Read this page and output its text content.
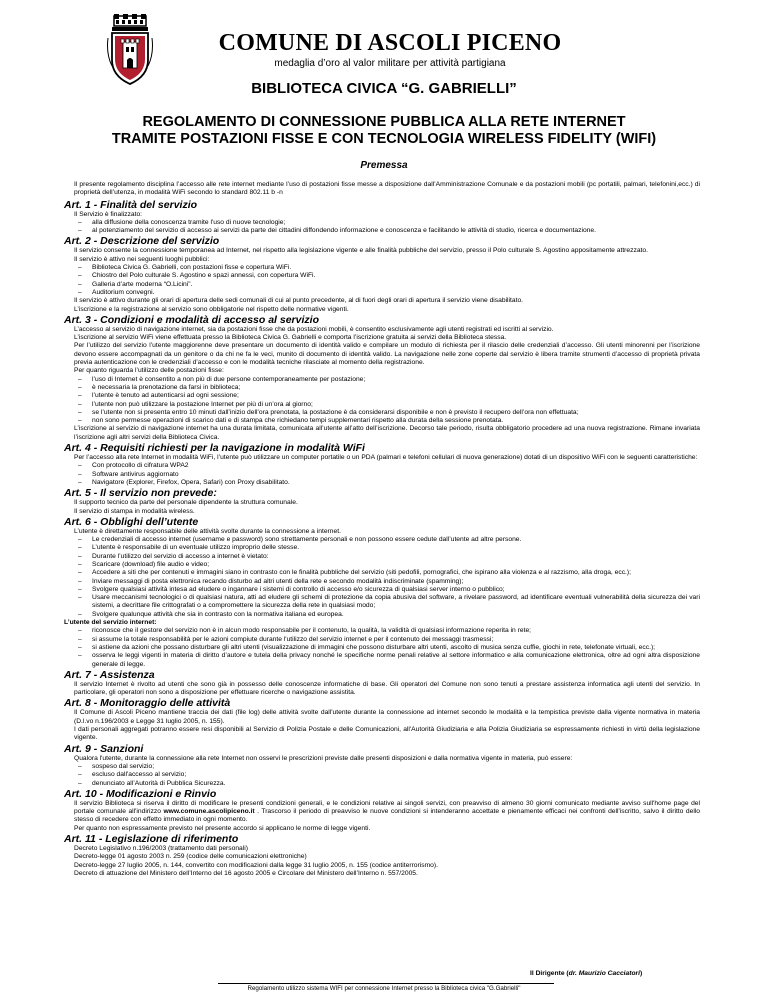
COMUNE DI ASCOLI PICENO
medaglia d’oro al valor militare per attività partigiana
BIBLIOTECA CIVICA “G. GABRIELLI”
REGOLAMENTO DI CONNESSIONE PUBBLICA ALLA RETE INTERNET
TRAMITE POSTAZIONI FISSE E CON TECNOLOGIA WIRELESS FIDELITY (WIFI)
Premessa

Il presente regolamento disciplina l’accesso alle rete internet mediante l’uso di postazioni fisse messe a disposizione dall’Amministrazione Comunale e da postazioni mobili (pc portatili, palmari, telefonini,ecc.) di proprietà dell’utenza, in modalità WiFi secondo lo standard 802.11 b -n

Art. 1 - Finalità del servizio

Il Servizio è finalizzato:

– alla diffusione della conoscenza tramite l'uso di nuove tecnologie;
– al potenziamento del servizio di accesso ai servizi da parte dei cittadini diffondendo informazione e conoscenza e facilitando le attività di studio, ricerca e documentazione.
Art. 2 - Descrizione del servizio

Il servizio consente la connessione temporanea ad Internet, nel rispetto alla legislazione vigente e alle finalità pubbliche del servizio, presso il Polo culturale S. Agostino appositamente attrezzato.

Il servizio è attivo nei seguenti luoghi pubblici:

– Biblioteca Civica G. Gabrielli, con postazioni fisse e copertura WiFi.
– Chiostro del Polo culturale S. Agostino e spazi annessi, con copertura WiFi.
– Galleria d’arte moderna “O.Licini”.
– Auditorium convegni.

Il servizio è attivo durante gli orari di apertura delle sedi comunali di cui al punto precedente, al di fuori degli orari di apertura il servizio viene disabilitato.

L’iscrizione e la registrazione al servizio sono obbligatorie nel rispetto delle normative vigenti.

Art. 3 - Condizioni e modalità di accesso al servizio

L’accesso al servizio di navigazione internet, sia da postazioni fisse che da postazioni mobili, è consentito esclusivamente agli utenti registrati ed iscritti al servizio.

L’iscrizione al servizio WiFi viene effettuata presso la Biblioteca Civica G. Gabrielli e comporta l’iscrizione gratuita ai servizi della Biblioteca stessa.

Per l’utilizzo del servizio l’utente maggiorenne deve presentare un documento di identità valido e compilare un modulo di richiesta per il rilascio delle credenziali d’accesso. Gli utenti minorenni per l’iscrizione devono essere accompagnati da un genitore o da chi ne fa le veci, munito di documento di identità valido. La navigazione nelle zone coperte dal servizio è libera tramite strumenti d’accesso di proprietà privata previa autenticazione con le credenziali d’accesso e con le modalità tecniche rilasciate al momento della registrazione.

Per quanto riguarda l’utilizzo delle postazioni fisse:

– l’uso di Internet è consentito a non più di due persone contemporaneamente per postazione;
– è necessaria la prenotazione da farsi in biblioteca;
– l’utente è tenuto ad autenticarsi ad ogni sessione;
– l’utente non può utilizzare la postazione Internet per più di un’ora al giorno;
– se l’utente non si presenta entro 10 minuti dall’inizio dell’ora prenotata, la postazione è da considerarsi disponibile e non è previsto il recupero dell’ora non effettuata;
– non sono permesse operazioni di scarico dati e di stampa che richiedano tempi supplementari rispetto alla durata della sessione prenotata.

L’iscrizione al servizio di navigazione internet ha una durata limitata, comunicata all’utente all’atto dell’iscrizione. Decorso tale periodo, risulta obbligatorio procedere ad una nuova registrazione. Rimane invariata l’iscrizione agli altri servizi della Biblioteca Civica.

Art. 4 - Requisiti richiesti per la navigazione in modalità WiFi

Per l’accesso alla rete Internet in modalità WiFi, l’utente può utilizzare un computer portatile o un PDA (palmari e telefoni cellulari di nuova generazione) dotati di un dispositivo WiFi con le seguenti caratteristiche:

– Con protocollo di cifratura WPA2
– Software antivirus aggiornato
– Navigatore (Explorer, Firefox, Opera, Safari) con Proxy disabilitato.
Art. 5 - Il servizio non prevede:

Il supporto tecnico da parte del personale dipendente la struttura comunale.

Il servizio di stampa in modalità wireless.

Art. 6 - Obblighi dell’utente

L’utente è direttamente responsabile delle attività svolte durante la connessione a internet.

– Le credenziali di accesso internet (username e password) sono strettamente personali e non possono essere cedute dall’utente ad altre persone.
– L’utente è responsabile di un eventuale utilizzo improprio delle stesse.
– Durante l’utilizzo del servizio di accesso a internet è vietato:
– Scaricare (download) file audio e video;
– Accedere a siti che per contenuti e immagini siano in contrasto con le finalità pubbliche del servizio (siti pedofili, pornografici, che ispirano alla violenza e al razzismo, alla droga, ecc.);
– Inviare messaggi di posta elettronica recando disturbo ad altri utenti della rete e secondo modalità indiscriminate (spamming);
– Svolgere qualsiasi attività intesa ad eludere o ingannare i sistemi di controllo di accesso e/o sicurezza di qualsiasi server interno o pubblico;
– Usare meccanismi tecnologici o di qualsiasi natura, atti ad eludere gli schemi di protezione da copia abusiva del software, a rivelare password, ad identificare eventuali vulnerabilità della sicurezza dei vari sistemi, a decrittare file crittografati o a compromettere la sicurezza della rete in qualsiasi modo;
– Svolgere qualunque attività che sia in contrasto con la normativa italiana ed europea.

L’utente del servizio internet:

– riconosce che il gestore del servizio non è in alcun modo responsabile per il contenuto, la qualità, la validità di qualsiasi informazione reperita in rete;
– si assume la totale responsabilità per le azioni compiute durante l'utilizzo del servizio internet e per il contenuto dei messaggi trasmessi;
– si astiene da azioni che possano disturbare gli altri utenti (visualizzazione di immagini che possono disturbare altri utenti, ascolto di musica senza cuffie, giochi in rete, telefonate virtuali, ecc.);
– osserva le leggi vigenti in materia di diritto d’autore e tutela della privacy nonché le specifiche norme penali relative al settore informatico e alla comunicazione elettronica, oltre ad ogni altra disposizione generale di legge.
Art. 7 - Assistenza

Il servizio Internet è rivolto ad utenti che sono già in possesso delle conoscenze informatiche di base. Gli operatori del Comune non sono tenuti a prestare assistenza informatica agli utenti del servizio. In particolare, gli operatori non sono a disposizione per effettuare ricerche o navigazione assistita.

Art. 8 - Monitoraggio delle attività

Il Comune di Ascoli Piceno mantiene traccia dei dati (file log) delle attività svolte dall'utente durante la connessione ad internet secondo le modalità e la tempistica previste dalla vigente normativa in materia (D.l.vo n.196/2003 e Legge 31 luglio 2005, n. 155).

I dati personali aggregati potranno essere resi disponibili al Servizio di Polizia Postale e delle Comunicazioni, all'Autorità Giudiziaria e alla Polizia Giudiziaria se espressamente richiesti in virtù della legislazione vigente.

Art. 9 - Sanzioni

Qualora l'utente, durante la connessione alla rete Internet non osservi le prescrizioni previste dalle presenti disposizioni e dalla normativa vigente in materia, può essere:

– sospeso dal servizio;
– escluso dall'accesso al servizio;
– denunciato all’Autorità di Pubblica Sicurezza.
Art. 10 - Modificazioni e Rinvio

Il servizio Biblioteca si riserva il diritto di modificare le presenti condizioni generali, e le condizioni relative ai singoli servizi, con preavviso di almeno 30 giorni comunicato mediante avviso sull'home page del portale comunale all'indirizzo www.comune.ascolipiceno.it . Trascorso il periodo di preavviso le nuove condizioni si intenderanno accettate e pienamente efficaci nei confronti dell'iscritto, salvo il diritto dello stesso di recedere con effetto immediato in ogni momento.

Per quanto non espressamente previsto nel presente accordo si applicano le norme di legge vigenti.

Art. 11 - Legislazione di riferimento

Decreto Legislativo n.196/2003 (trattamento dati personali)

Decreto-legge 01 agosto 2003 n. 259 (codice delle comunicazioni elettroniche)

Decreto-legge 27 luglio 2005, n. 144, convertito con modificazioni dalla legge 31 luglio 2005, n. 155 (codice antiterrorismo).

Decreto di attuazione del Ministero dell’Interno del 16 agosto 2005 e Circolare del Ministero dell’Interno n. 557/2005.

Il Dirigente (dr. Maurizio Cacciatori)
Regolamento utilizzo sistema WIFI per connessione Internet presso la Biblioteca civica "G.Gabrielli"
